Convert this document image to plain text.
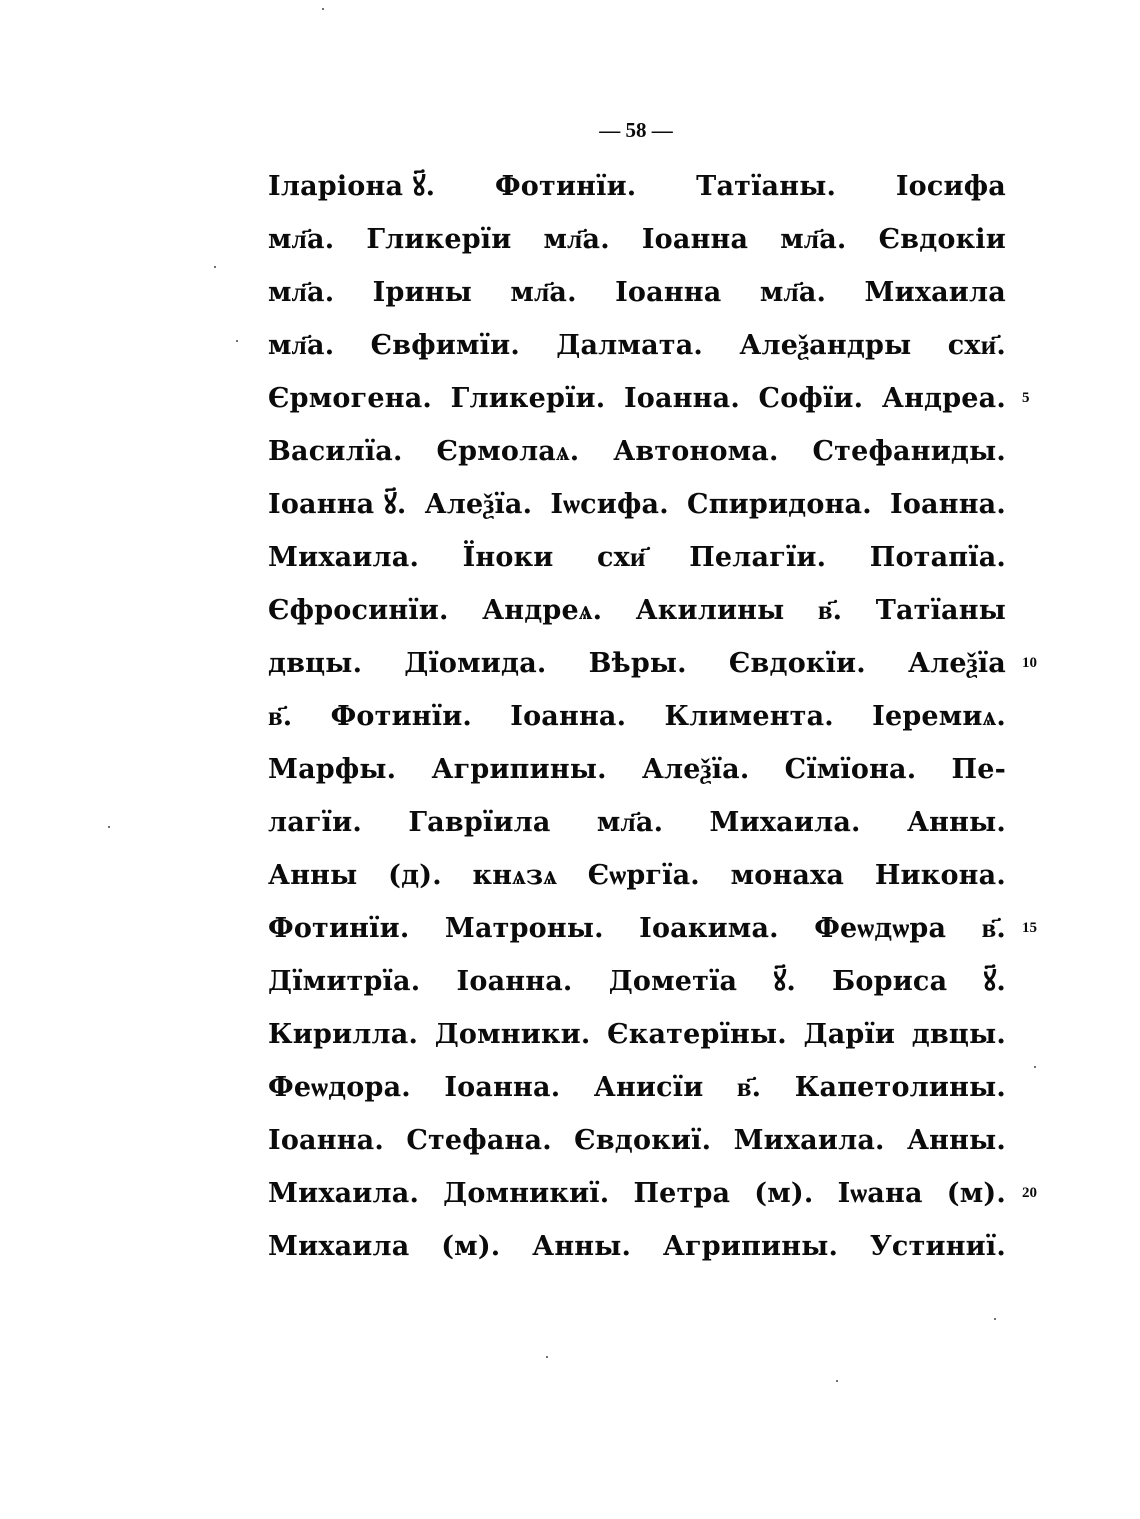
— 58 —
Іларіона ꙋ҃. Фотинїи. Татїаны. Іосифа
мл҃а. Гликерїи мл҃а. Іоанна мл҃а. Євдокіи
мл҃а. Ірины мл҃а. Іоанна мл҃а. Михаила
мл҃а. Євфимїи. Далмата. Алеѯандры схи҃.
Єрмогена. Гликерїи. Іоанна. Софїи. Андреа.
Василїа. Єрмолаѧ. Автонома. Стефаниды.
Іоанна ꙋ҃. Алеѯїа. Іѡсифа. Спиридона. Іоанна.
Михаила. Їноки схи҃ Пелагїи. Потапїа.
Єфросинїи. Андреѧ. Акилины в҃. Татїаны
двцы. Дїомида. Вѣры. Євдокїи. Алеѯїа
в҃. Фотинїи. Іоанна. Климента. Іеремиѧ.
Марфы. Агрипины. Алеѯїа. Сїмїона. Пе-
лагїи. Гаврїила мл҃а. Михаила. Анны.
Анны (д). кнѧзѧ Єѡргїа. монаха Никона.
Фотинїи. Матроны. Іоакима. Феѡдѡра в҃.
Дїмитрїа. Іоанна. Дометїа ꙋ҃. Бориса ꙋ҃.
Кирилла. Домники. Єкатерїны. Дарїи двцы.
Феѡдора. Іоанна. Анисїи в҃. Капетолины.
Іоанна. Стефана. Євдокиї. Михаила. Анны.
Михаила. Домникиї. Петра (м). Іѡана (м).
Михаила (м). Анны. Агрипины. Устиниї.
5
10
15
20
